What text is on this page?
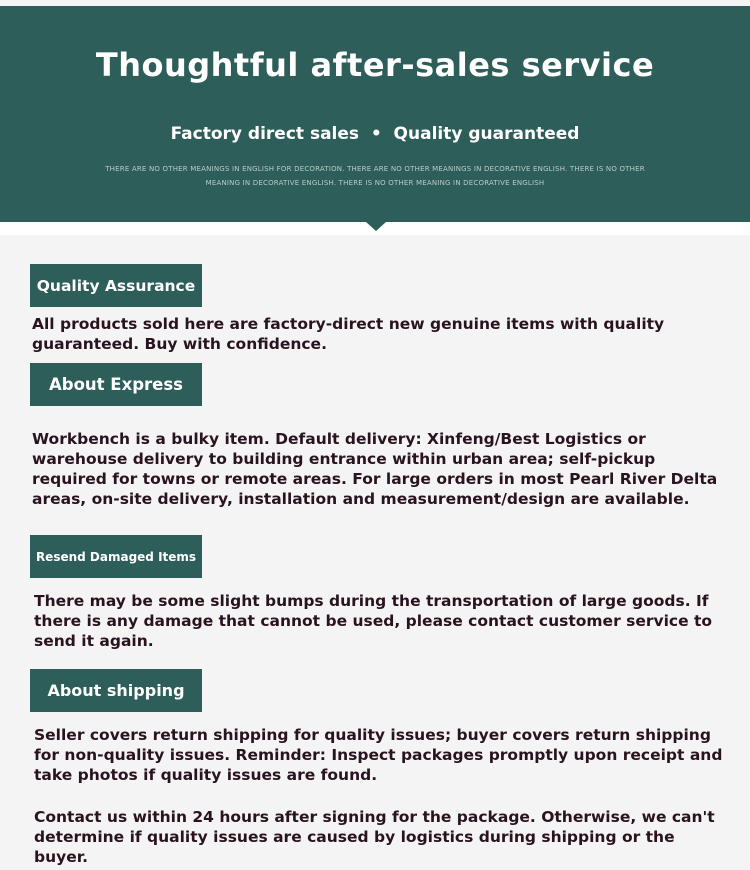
Thoughtful after-sales service
Factory direct sales  •  Quality guaranteed
THERE ARE NO OTHER MEANINGS IN ENGLISH FOR DECORATION. THERE ARE NO OTHER MEANINGS IN DECORATIVE ENGLISH. THERE IS NO OTHER MEANING IN DECORATIVE ENGLISH. THERE IS NO OTHER MEANING IN DECORATIVE ENGLISH
Quality Assurance
All products sold here are factory-direct new genuine items with quality guaranteed. Buy with confidence.
About Express
Workbench is a bulky item. Default delivery: Xinfeng/Best Logistics or warehouse delivery to building entrance within urban area; self-pickup required for towns or remote areas. For large orders in most Pearl River Delta areas, on-site delivery, installation and measurement/design are available.
Resend Damaged Items
There may be some slight bumps during the transportation of large goods. If there is any damage that cannot be used, please contact customer service to send it again.
About shipping
Seller covers return shipping for quality issues; buyer covers return shipping for non-quality issues. Reminder: Inspect packages promptly upon receipt and take photos if quality issues are found.
Contact us within 24 hours after signing for the package. Otherwise, we can't determine if quality issues are caused by logistics during shipping or the buyer.
